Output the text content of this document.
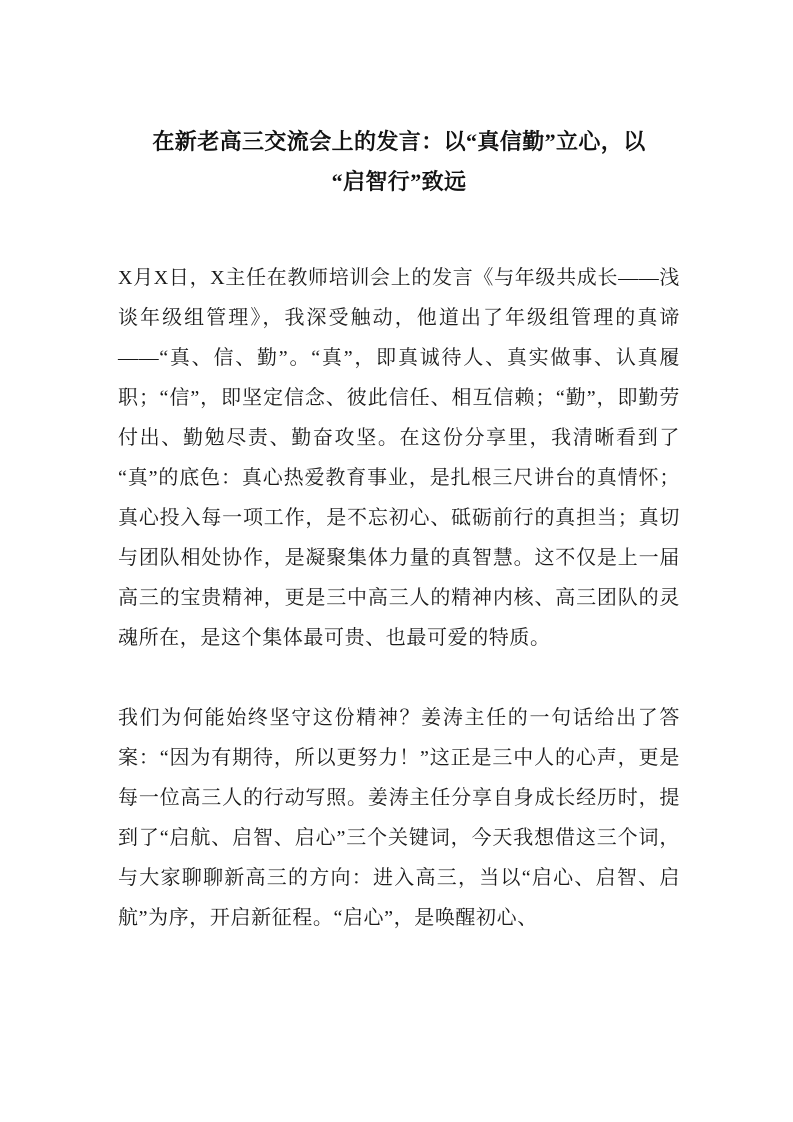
在新老高三交流会上的发言：以“真信勤”立心，以
“启智行”致远

X月X日，X主任在教师培训会上的发言《与年级共成长——浅谈年级组管理》，我深受触动，他道出了年级组管理的真谛——“真、信、勤”。“真”，即真诚待人、真实做事、认真履职；“信”，即坚定信念、彼此信任、相互信赖；“勤”，即勤劳付出、勤勉尽责、勤奋攻坚。在这份分享里，我清晰看到了“真”的底色：真心热爱教育事业，是扎根三尺讲台的真情怀；真心投入每一项工作，是不忘初心、砥砺前行的真担当；真切与团队相处协作，是凝聚集体力量的真智慧。这不仅是上一届高三的宝贵精神，更是三中高三人的精神内核、高三团队的灵魂所在，是这个集体最可贵、也最可爱的特质。

我们为何能始终坚守这份精神？姜涛主任的一句话给出了答案：“因为有期待，所以更努力！”这正是三中人的心声，更是每一位高三人的行动写照。姜涛主任分享自身成长经历时，提到了“启航、启智、启心”三个关键词，今天我想借这三个词，与大家聊聊新高三的方向：进入高三，当以“启心、启智、启航”为序，开启新征程。“启心”，是唤醒初心、
